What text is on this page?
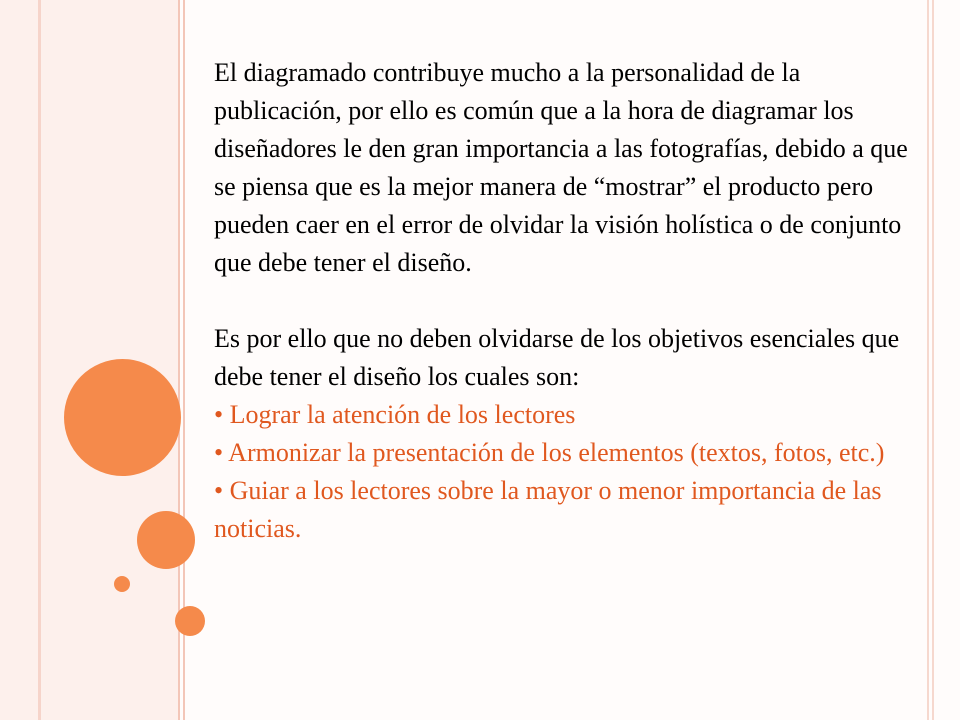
El diagramado contribuye mucho a la personalidad de la publicación, por ello es común que a la hora de diagramar los diseñadores le den gran importancia a las fotografías, debido a que se piensa que es la mejor manera de “mostrar” el producto pero pueden caer en el error de olvidar la visión holística o de conjunto que debe tener el diseño.

Es por ello que no deben olvidarse de los objetivos esenciales que debe tener el diseño los cuales son:

• Lograr la atención de los lectores

• Armonizar la presentación de los elementos (textos, fotos, etc.)

• Guiar a los lectores sobre la mayor o menor importancia de las noticias.
